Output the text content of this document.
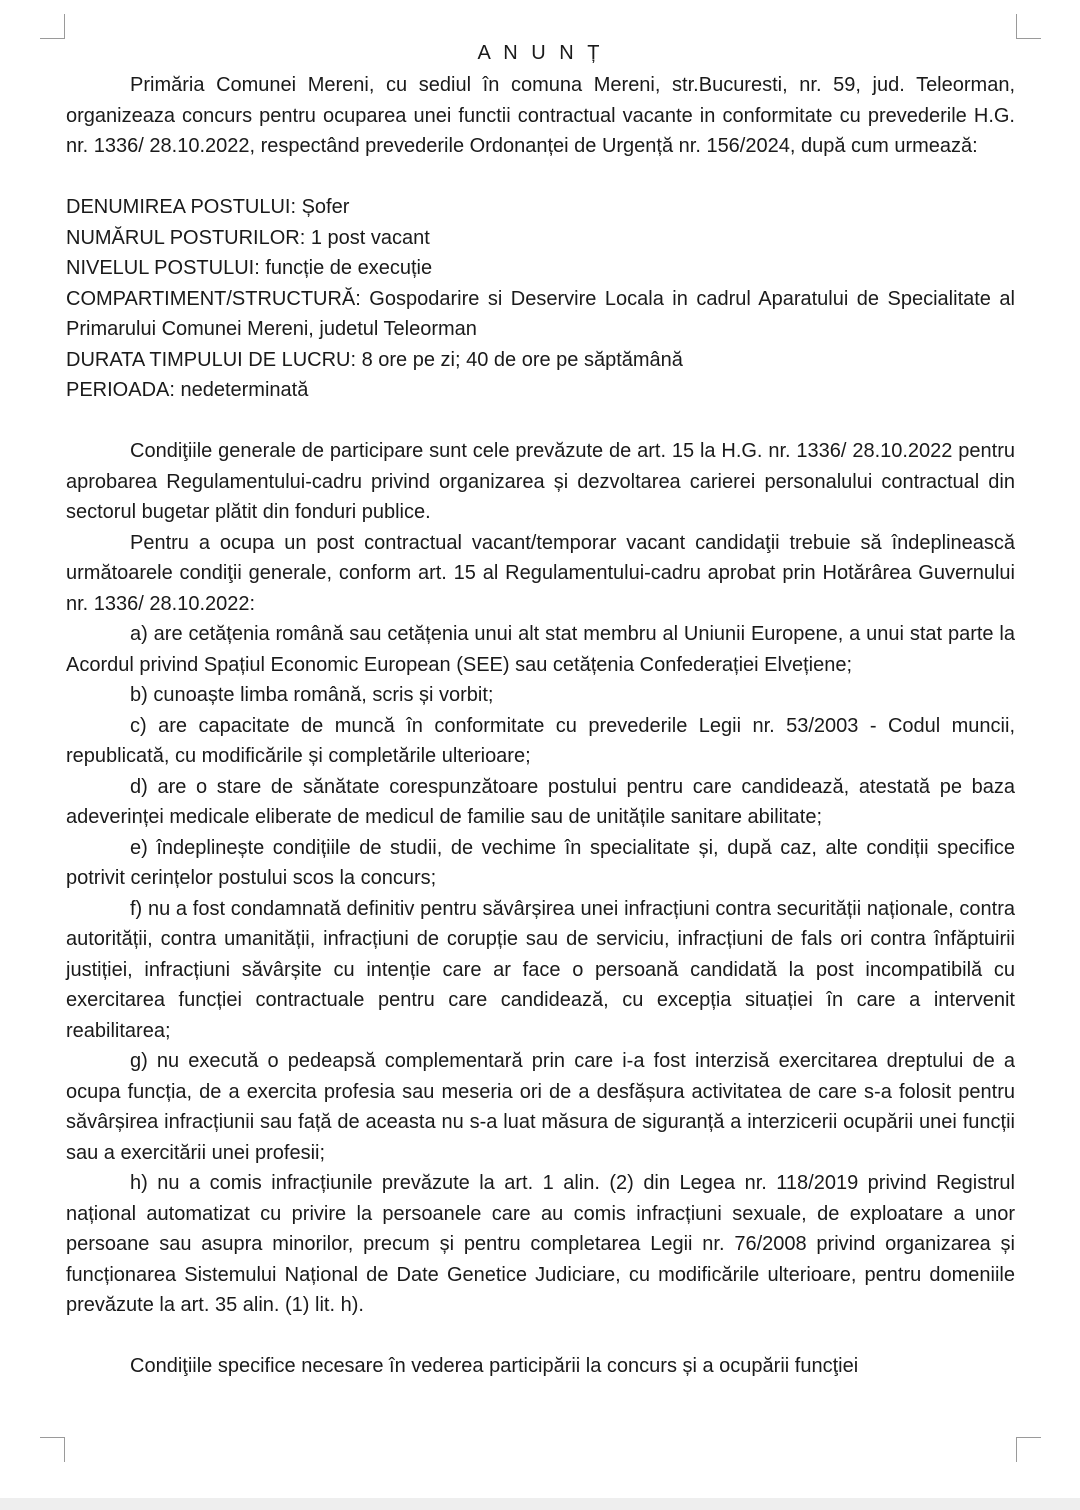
A N U N Ț

Primăria Comunei Mereni, cu sediul în comuna Mereni, str.Bucuresti, nr. 59, jud. Teleorman, organizeaza concurs pentru ocuparea unei functii contractual vacante in conformitate cu prevederile H.G. nr. 1336/ 28.10.2022, respectând prevederile Ordonanței de Urgență nr. 156/2024, după cum urmează:

DENUMIREA POSTULUI: Șofer

NUMĂRUL POSTURILOR: 1 post vacant

NIVELUL POSTULUI: funcție de execuție

COMPARTIMENT/STRUCTURĂ: Gospodarire si Deservire Locala in cadrul Aparatului de Specialitate al Primarului Comunei Mereni, judetul Teleorman

DURATA TIMPULUI DE LUCRU: 8 ore pe zi; 40 de ore pe săptămână

PERIOADA: nedeterminată

Condiţiile generale de participare sunt cele prevăzute de art. 15 la H.G. nr. 1336/ 28.10.2022 pentru aprobarea Regulamentului-cadru privind organizarea și dezvoltarea carierei personalului contractual din sectorul bugetar plătit din fonduri publice.

Pentru a ocupa un post contractual vacant/temporar vacant candidaţii trebuie să îndeplinească următoarele condiţii generale, conform art. 15 al Regulamentului-cadru aprobat prin Hotărârea Guvernului nr. 1336/ 28.10.2022:

a) are cetățenia română sau cetățenia unui alt stat membru al Uniunii Europene, a unui stat parte la Acordul privind Spațiul Economic European (SEE) sau cetățenia Confederației Elvețiene;

b) cunoaște limba română, scris și vorbit;

c) are capacitate de muncă în conformitate cu prevederile Legii nr. 53/2003 - Codul muncii, republicată, cu modificările și completările ulterioare;

d) are o stare de sănătate corespunzătoare postului pentru care candidează, atestată pe baza adeverinței medicale eliberate de medicul de familie sau de unitățile sanitare abilitate;

e) îndeplinește condițiile de studii, de vechime în specialitate și, după caz, alte condiții specifice potrivit cerințelor postului scos la concurs;

f) nu a fost condamnată definitiv pentru săvârșirea unei infracțiuni contra securității naționale, contra autorității, contra umanității, infracțiuni de corupție sau de serviciu, infracțiuni de fals ori contra înfăptuirii justiției, infracțiuni săvârșite cu intenție care ar face o persoană candidată la post incompatibilă cu exercitarea funcției contractuale pentru care candidează, cu excepția situației în care a intervenit reabilitarea;

g) nu execută o pedeapsă complementară prin care i-a fost interzisă exercitarea dreptului de a ocupa funcția, de a exercita profesia sau meseria ori de a desfășura activitatea de care s-a folosit pentru săvârșirea infracțiunii sau față de aceasta nu s-a luat măsura de siguranță a interzicerii ocupării unei funcții sau a exercitării unei profesii;

h) nu a comis infracțiunile prevăzute la art. 1 alin. (2) din Legea nr. 118/2019 privind Registrul național automatizat cu privire la persoanele care au comis infracțiuni sexuale, de exploatare a unor persoane sau asupra minorilor, precum și pentru completarea Legii nr. 76/2008 privind organizarea și funcționarea Sistemului Național de Date Genetice Judiciare, cu modificările ulterioare, pentru domeniile prevăzute la art. 35 alin. (1) lit. h).

Condiţiile specifice necesare în vederea participării la concurs și a ocupării funcţiei
